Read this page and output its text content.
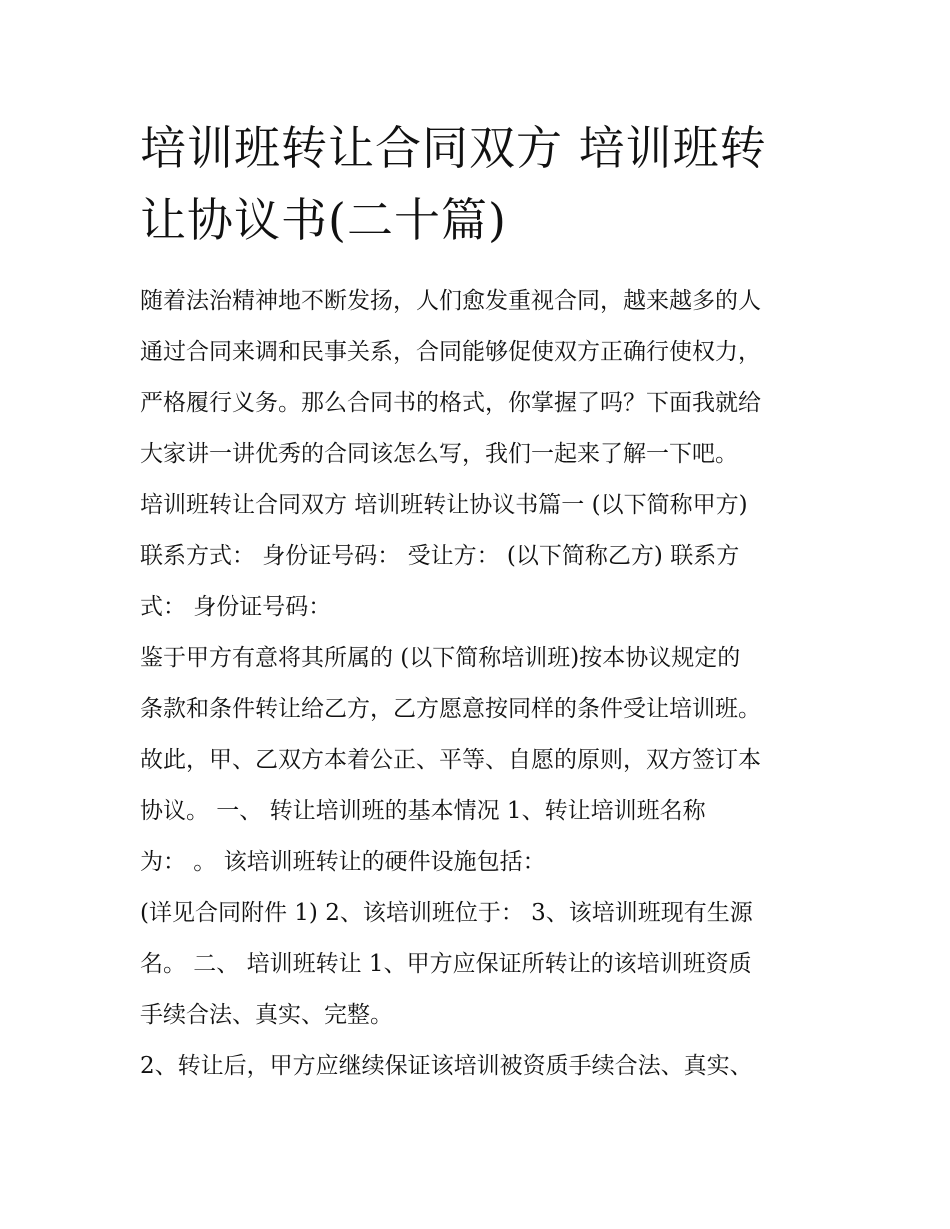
培训班转让合同双方 培训班转
让协议书(二十篇)
随着法治精神地不断发扬，人们愈发重视合同，越来越多的人
通过合同来调和民事关系，合同能够促使双方正确行使权力，
严格履行义务。那么合同书的格式，你掌握了吗？下面我就给
大家讲一讲优秀的合同该怎么写，我们一起来了解一下吧。
培训班转让合同双方 培训班转让协议书篇一 (以下简称甲方)
联系方式： 身份证号码： 受让方： (以下简称乙方) 联系方
式： 身份证号码：
鉴于甲方有意将其所属的 (以下简称培训班)按本协议规定的
条款和条件转让给乙方，乙方愿意按同样的条件受让培训班。
故此，甲、乙双方本着公正、平等、自愿的原则，双方签订本
协议。 一、 转让培训班的基本情况 1、转让培训班名称
为： 。 该培训班转让的硬件设施包括：
(详见合同附件 1) 2、该培训班位于： 3、该培训班现有生源
名。 二、 培训班转让 1、甲方应保证所转让的该培训班资质
手续合法、真实、完整。
2、转让后，甲方应继续保证该培训被资质手续合法、真实、
